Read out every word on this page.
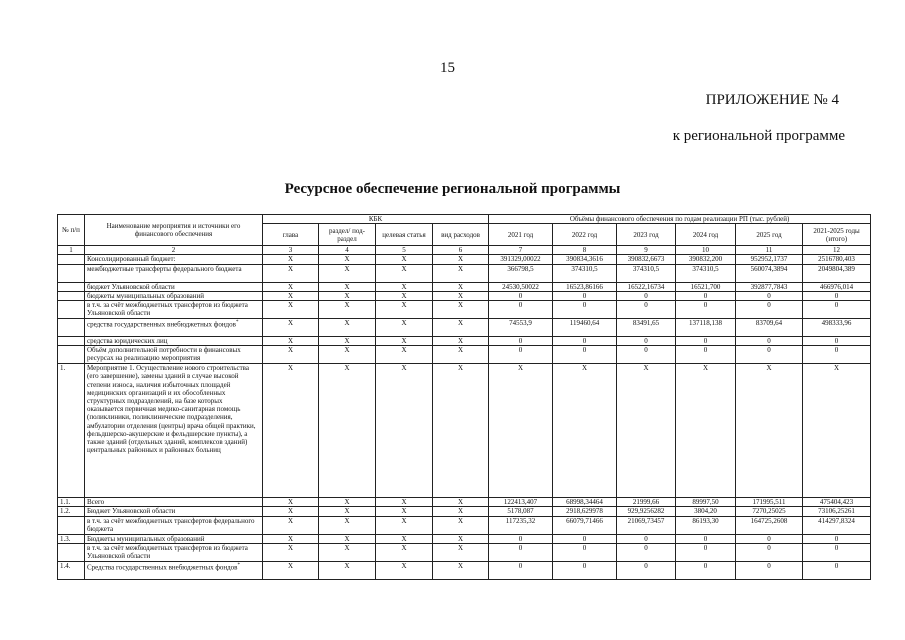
15
ПРИЛОЖЕНИЕ № 4
к региональной программе
Ресурсное обеспечение региональной программы
№ п/п	Наименование мероприятия и источники его финансового обеспечения	КБК				Объёмы финансового обеспечения по годам реализации РП (тыс. рублей)					
		глава	раздел/ под-раздел	целевая статья	вид расходов	2021 год	2022 год	2023 год	2024 год	2025 год	2021-2025 годы (итого)
1	2	3	4	5	6	7	8	9	10	11	12
	Консолидированный бюджет:	X	X	X	X	391329,00022	390834,3616	390832,6673	390832,200	952952,1737	2516780,403
	межбюджетные трансферты федерального бюджета	X	X	X	X	366798,5	374310,5	374310,5	374310,5	560074,3894	2049804,389
	бюджет Ульяновской области	X	X	X	X	24530,50022	16523,86166	16522,16734	16521,700	392877,7843	466976,014
	бюджеты муниципальных образований	X	X	X	X	0	0	0	0	0	0
	в т.ч. за счёт межбюджетных трансфертов из бюджета Ульяновской области	X	X	X	X	0	0	0	0	0	0
	средства государственных внебюджетных фондов*	X	X	X	X	74553,9	119460,64	83491,65	137118,138	83709,64	498333,96
	средства юридических лиц	X	X	X	X	0	0	0	0	0	0
	Объём дополнительной потребности в финансовых ресурсах на реализацию мероприятия	X	X	X	X	0	0	0	0	0	0
1.	Мероприятие 1. Осуществление нового строительства (его завершение), замены зданий в случае высокой степени износа, наличия избыточных площадей медицинских организаций и их обособленных структурных подразделений, на базе которых оказывается первичная медико-санитарная помощь (поликлиники, поликлинические подразделения, амбулатории отделения (центры) врача общей практики, фельдшерско-акушерские и фельдшерские пункты), а также зданий (отдельных зданий, комплексов зданий) центральных районных и районных больниц	X	X	X	X	X	X	X	X	X	X
1.1.	Всего	X	X	X	X	122413,407	68998,34464	21999,66	89997,50	171995,511	475404,423
1.2.	Бюджет Ульяновской области	X	X	X	X	5178,087	2918,629978	929,9256282	3804,20	7270,25025	73106,25261
	в т.ч. за счёт межбюджетных трансфертов федерального бюджета	X	X	X	X	117235,32	66079,71466	21069,73457	86193,30	164725,2608	414297,8324
1.3.	Бюджеты муниципальных образований	X	X	X	X	0	0	0	0	0	0
	в т.ч. за счёт межбюджетных трансфертов из бюджета Ульяновской области	X	X	X	X	0	0	0	0	0	0
1.4.	Средства государственных внебюджетных фондов*	X	X	X	X	0	0	0	0	0	0
